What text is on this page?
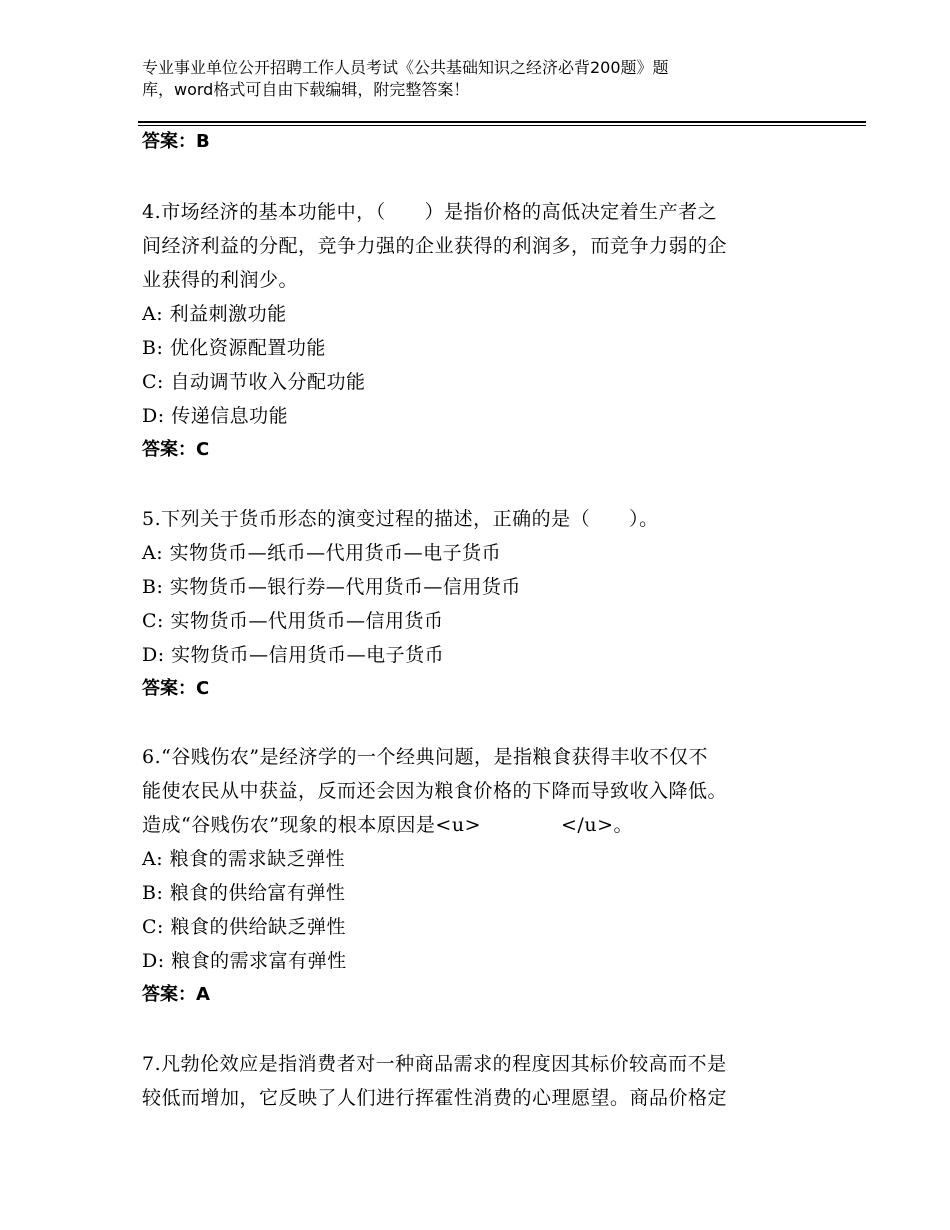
专业事业单位公开招聘工作人员考试《公共基础知识之经济必背200题》题
库，word格式可自由下载编辑，附完整答案！
答案：B
4.市场经济的基本功能中，（　　）是指价格的高低决定着生产者之
间经济利益的分配，竞争力强的企业获得的利润多，而竞争力弱的企
业获得的利润少。
A: 利益刺激功能
B: 优化资源配置功能
C: 自动调节收入分配功能
D: 传递信息功能
答案：C
5.下列关于货币形态的演变过程的描述，正确的是（　　）。
A: 实物货币—纸币—代用货币—电子货币
B: 实物货币—银行券—代用货币—信用货币
C: 实物货币—代用货币—信用货币
D: 实物货币—信用货币—电子货币
答案：C
6.“谷贱伤农”是经济学的一个经典问题，是指粮食获得丰收不仅不
能使农民从中获益，反而还会因为粮食价格的下降而导致收入降低。
造成“谷贱伤农”现象的根本原因是<u>	</u>。
A: 粮食的需求缺乏弹性
B: 粮食的供给富有弹性
C: 粮食的供给缺乏弹性
D: 粮食的需求富有弹性
答案：A
7.凡勃伦效应是指消费者对一种商品需求的程度因其标价较高而不是
较低而增加，它反映了人们进行挥霍性消费的心理愿望。商品价格定
